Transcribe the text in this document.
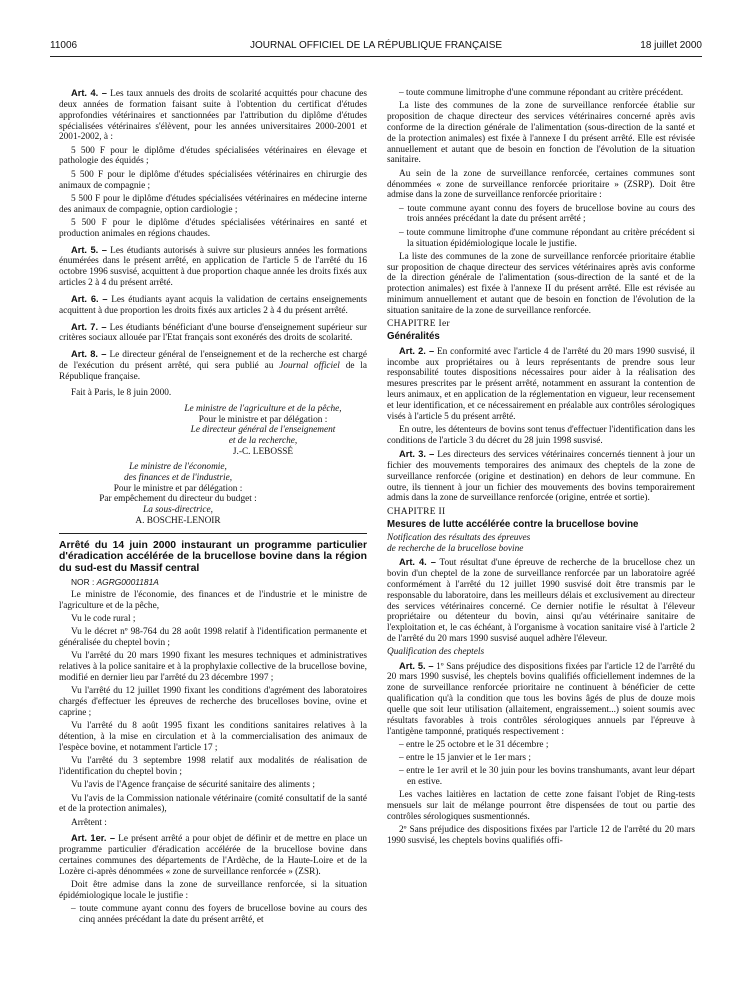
11006	JOURNAL OFFICIEL DE LA RÉPUBLIQUE FRANÇAISE	18 juillet 2000

Art. 4. – Les taux annuels des droits de scolarité acquittés pour chacune des deux années de formation faisant suite à l'obtention du certificat d'études approfondies vétérinaires et sanctionnées par l'attribution du diplôme d'études spécialisées vétérinaires s'élèvent, pour les années universitaires 2000-2001 et 2001-2002, à :

5 500 F pour le diplôme d'études spécialisées vétérinaires en élevage et pathologie des équidés ;

5 500 F pour le diplôme d'études spécialisées vétérinaires en chirurgie des animaux de compagnie ;

5 500 F pour le diplôme d'études spécialisées vétérinaires en médecine interne des animaux de compagnie, option cardiologie ;

5 500 F pour le diplôme d'études spécialisées vétérinaires en santé et production animales en régions chaudes.

Art. 5. – Les étudiants autorisés à suivre sur plusieurs années les formations énumérées dans le présent arrêté, en application de l'article 5 de l'arrêté du 16 octobre 1996 susvisé, acquittent à due proportion chaque année les droits fixés aux articles 2 à 4 du présent arrêté.

Art. 6. – Les étudiants ayant acquis la validation de certains enseignements acquittent à due proportion les droits fixés aux articles 2 à 4 du présent arrêté.

Art. 7. – Les étudiants bénéficiant d'une bourse d'enseignement supérieur sur critères sociaux allouée par l'Etat français sont exonérés des droits de scolarité.

Art. 8. – Le directeur général de l'enseignement et de la recherche est chargé de l'exécution du présent arrêté, qui sera publié au Journal officiel de la République française.

Fait à Paris, le 8 juin 2000.

Le ministre de l'agriculture et de la pêche,
Pour le ministre et par délégation :
Le directeur général de l'enseignement
et de la recherche,
J.-C. LEBOSSÉ
Le ministre de l'économie,
des finances et de l'industrie,
Pour le ministre et par délégation :
Par empêchement du directeur du budget :
La sous-directrice,
A. BOSCHE-LENOIR

Arrêté du 14 juin 2000 instaurant un programme particulier d'éradication accélérée de la brucellose bovine dans la région du sud-est du Massif central

NOR : AGRG0001181A

Le ministre de l'économie, des finances et de l'industrie et le ministre de l'agriculture et de la pêche,

Vu le code rural ;

Vu le décret nº 98-764 du 28 août 1998 relatif à l'identification permanente et généralisée du cheptel bovin ;

Vu l'arrêté du 20 mars 1990 fixant les mesures techniques et administratives relatives à la police sanitaire et à la prophylaxie collective de la brucellose bovine, modifié en dernier lieu par l'arrêté du 23 décembre 1997 ;

Vu l'arrêté du 12 juillet 1990 fixant les conditions d'agrément des laboratoires chargés d'effectuer les épreuves de recherche des brucelloses bovine, ovine et caprine ;

Vu l'arrêté du 8 août 1995 fixant les conditions sanitaires relatives à la détention, à la mise en circulation et à la commercialisation des animaux de l'espèce bovine, et notamment l'article 17 ;

Vu l'arrêté du 3 septembre 1998 relatif aux modalités de réalisation de l'identification du cheptel bovin ;

Vu l'avis de l'Agence française de sécurité sanitaire des aliments ;

Vu l'avis de la Commission nationale vétérinaire (comité consultatif de la santé et de la protection animales),

Arrêtent :

Art. 1er. – Le présent arrêté a pour objet de définir et de mettre en place un programme particulier d'éradication accélérée de la brucellose bovine dans certaines communes des départements de l'Ardèche, de la Haute-Loire et de la Lozère ci-après dénommées « zone de surveillance renforcée » (ZSR).

Doit être admise dans la zone de surveillance renforcée, si la situation épidémiologique locale le justifie :

– toute commune ayant connu des foyers de brucellose bovine au cours des cinq années précédant la date du présent arrêté, et

– toute commune limitrophe d'une commune répondant au critère précédent.

La liste des communes de la zone de surveillance renforcée établie sur proposition de chaque directeur des services vétérinaires concerné après avis conforme de la direction générale de l'alimentation (sous-direction de la santé et de la protection animales) est fixée à l'annexe I du présent arrêté. Elle est révisée annuellement et autant que de besoin en fonction de l'évolution de la situation sanitaire.

Au sein de la zone de surveillance renforcée, certaines communes sont dénommées « zone de surveillance renforcée prioritaire » (ZSRP). Doit être admise dans la zone de surveillance renforcée prioritaire :

– toute commune ayant connu des foyers de brucellose bovine au cours des trois années précédant la date du présent arrêté ;

– toute commune limitrophe d'une commune répondant au critère précédent si la situation épidémiologique locale le justifie.

La liste des communes de la zone de surveillance renforcée prioritaire établie sur proposition de chaque directeur des services vétérinaires après avis conforme de la direction générale de l'alimentation (sous-direction de la santé et de la protection animales) est fixée à l'annexe II du présent arrêté. Elle est révisée au minimum annuellement et autant que de besoin en fonction de l'évolution de la situation sanitaire de la zone de surveillance renforcée.

CHAPITRE Ier

Généralités

Art. 2. – En conformité avec l'article 4 de l'arrêté du 20 mars 1990 susvisé, il incombe aux propriétaires ou à leurs représentants de prendre sous leur responsabilité toutes dispositions nécessaires pour aider à la réalisation des mesures prescrites par le présent arrêté, notamment en assurant la contention de leurs animaux, et en application de la réglementation en vigueur, leur recensement et leur identification, et ce nécessairement en préalable aux contrôles sérologiques visés à l'article 5 du présent arrêté.

En outre, les détenteurs de bovins sont tenus d'effectuer l'identification dans les conditions de l'article 3 du décret du 28 juin 1998 susvisé.

Art. 3. – Les directeurs des services vétérinaires concernés tiennent à jour un fichier des mouvements temporaires des animaux des cheptels de la zone de surveillance renforcée (origine et destination) en dehors de leur commune. En outre, ils tiennent à jour un fichier des mouvements des bovins temporairement admis dans la zone de surveillance renforcée (origine, entrée et sortie).

CHAPITRE II

Mesures de lutte accélérée contre la brucellose bovine

Notification des résultats des épreuves
de recherche de la brucellose bovine

Art. 4. – Tout résultat d'une épreuve de recherche de la brucellose chez un bovin d'un cheptel de la zone de surveillance renforcée par un laboratoire agréé conformément à l'arrêté du 12 juillet 1990 susvisé doit être transmis par le responsable du laboratoire, dans les meilleurs délais et exclusivement au directeur des services vétérinaires concerné. Ce dernier notifie le résultat à l'éleveur propriétaire ou détenteur du bovin, ainsi qu'au vétérinaire sanitaire de l'exploitation et, le cas échéant, à l'organisme à vocation sanitaire visé à l'article 2 de l'arrêté du 20 mars 1990 susvisé auquel adhère l'éleveur.

Qualification des cheptels

Art. 5. – 1º Sans préjudice des dispositions fixées par l'article 12 de l'arrêté du 20 mars 1990 susvisé, les cheptels bovins qualifiés officiellement indemnes de la zone de surveillance renforcée prioritaire ne continuent à bénéficier de cette qualification qu'à la condition que tous les bovins âgés de plus de douze mois quelle que soit leur utilisation (allaitement, engraissement...) soient soumis avec résultats favorables à trois contrôles sérologiques annuels par l'épreuve à l'antigène tamponné, pratiqués respectivement :

– entre le 25 octobre et le 31 décembre ;

– entre le 15 janvier et le 1er mars ;

– entre le 1er avril et le 30 juin pour les bovins transhumants, avant leur départ en estive.

Les vaches laitières en lactation de cette zone faisant l'objet de Ring-tests mensuels sur lait de mélange pourront être dispensées de tout ou partie des contrôles sérologiques susmentionnés.

2º Sans préjudice des dispositions fixées par l'article 12 de l'arrêté du 20 mars 1990 susvisé, les cheptels bovins qualifiés offi-
